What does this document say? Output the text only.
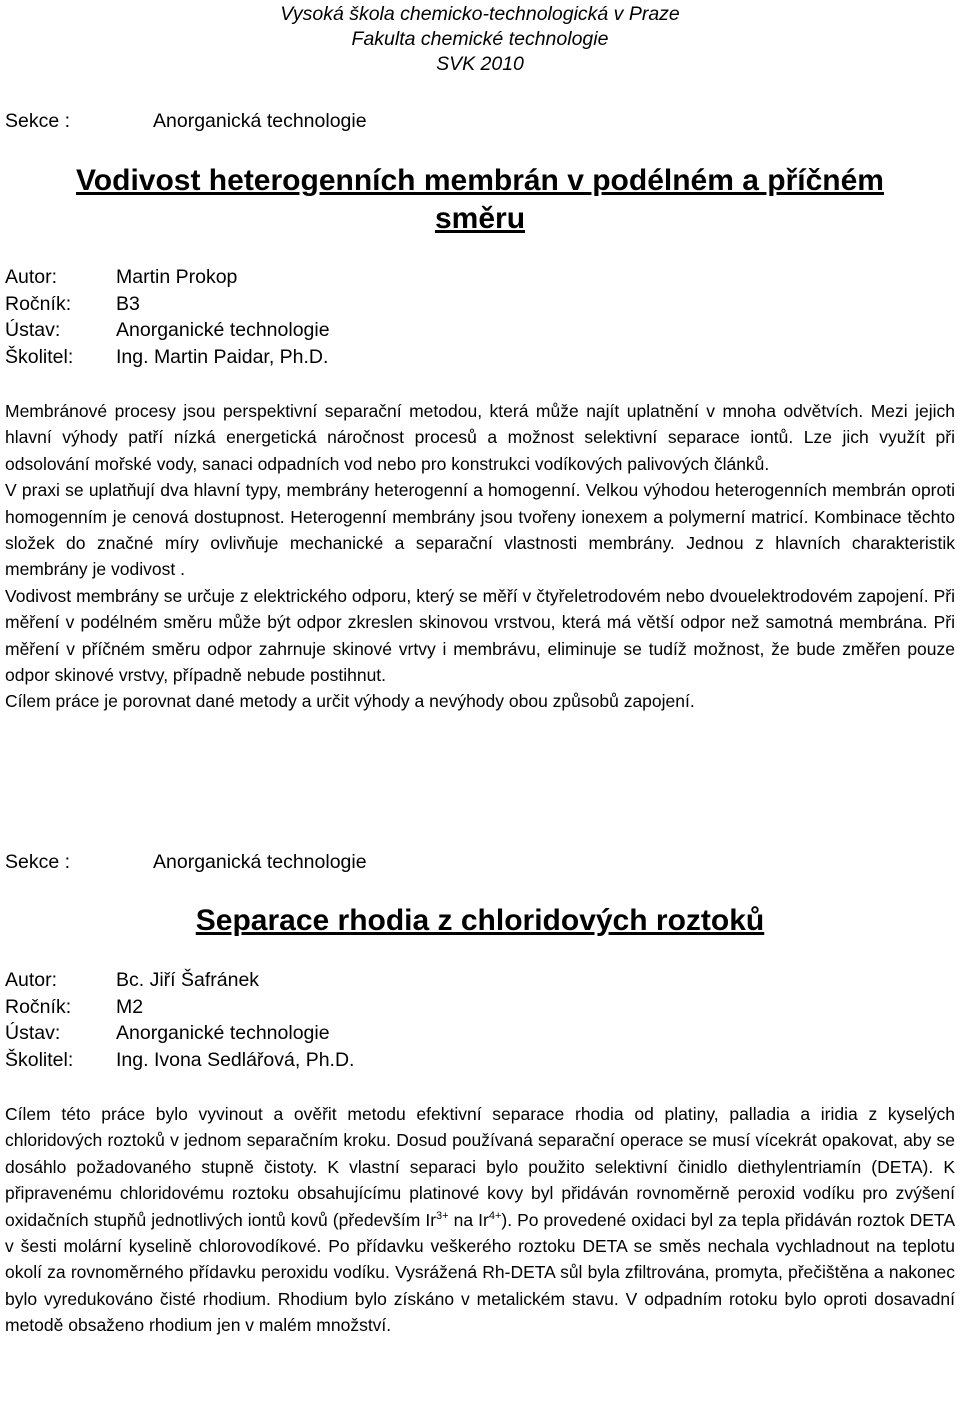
Vysoká škola chemicko-technologická v Praze
Fakulta chemické technologie
SVK 2010
Sekce :	Anorganická technologie
Vodivost heterogenních membrán v podélném a příčném
směru
Autor:	Martin Prokop
Ročník: B3
Ústav:	Anorganické technologie
Školitel: Ing. Martin Paidar, Ph.D.

Membránové procesy jsou perspektivní separační metodou, která může najít uplatnění v mnoha odvětvích. Mezi jejich hlavní výhody patří nízká energetická náročnost procesů a možnost selektivní separace iontů. Lze jich využít při odsolování mořské vody, sanaci odpadních vod nebo pro konstrukci vodíkových palivových článků.

V praxi se uplatňují dva hlavní typy, membrány heterogenní a homogenní. Velkou výhodou heterogenních membrán oproti homogenním je cenová dostupnost. Heterogenní membrány jsou tvořeny ionexem a polymerní matricí. Kombinace těchto složek do značné míry ovlivňuje mechanické a separační vlastnosti membrány. Jednou z hlavních charakteristik membrány je vodivost .

Vodivost membrány se určuje z elektrického odporu, který se měří v čtyřeletrodovém nebo dvouelektrodovém zapojení. Při měření v podélném směru může být odpor zkreslen skinovou vrstvou, která má větší odpor než samotná membrána. Při měření v příčném směru odpor zahrnuje skinové vrtvy i membrávu, eliminuje se tudíž možnost, že bude změřen pouze odpor skinové vrstvy, případně nebude postihnut.

Cílem práce je porovnat dané metody a určit výhody a nevýhody obou způsobů zapojení.

Sekce :	Anorganická technologie
Separace rhodia z chloridových roztoků
Autor:	Bc. Jiří Šafránek
Ročník: M2
Ústav:	Anorganické technologie
Školitel: Ing. Ivona Sedlářová, Ph.D.

Cílem této práce bylo vyvinout a ověřit metodu efektivní separace rhodia od platiny, palladia a iridia z kyselých chloridových roztoků v jednom separačním kroku. Dosud používaná separační operace se musí vícekrát opakovat, aby se dosáhlo požadovaného stupně čistoty. K vlastní separaci bylo použito selektivní činidlo diethylentriamín (DETA). K připravenému chloridovému roztoku obsahujícímu platinové kovy byl přidáván rovnoměrně peroxid vodíku pro zvýšení oxidačních stupňů jednotlivých iontů kovů (především $Ir^{3+}$ na $Ir^{4+}$). Po provedené oxidaci byl za tepla přidáván roztok DETA v šesti molární kyselině chlorovodíkové. Po přídavku veškerého roztoku DETA se směs nechala vychladnout na teplotu okolí za rovnoměrného přídavku peroxidu vodíku. Vysrážená Rh-DETA sůl byla zfiltrována, promyta, přečištěna a nakonec bylo vyredukováno čisté rhodium. Rhodium bylo získáno v metalickém stavu. V odpadním rotoku bylo oproti dosavadní metodě obsaženo rhodium jen v malém množství.
